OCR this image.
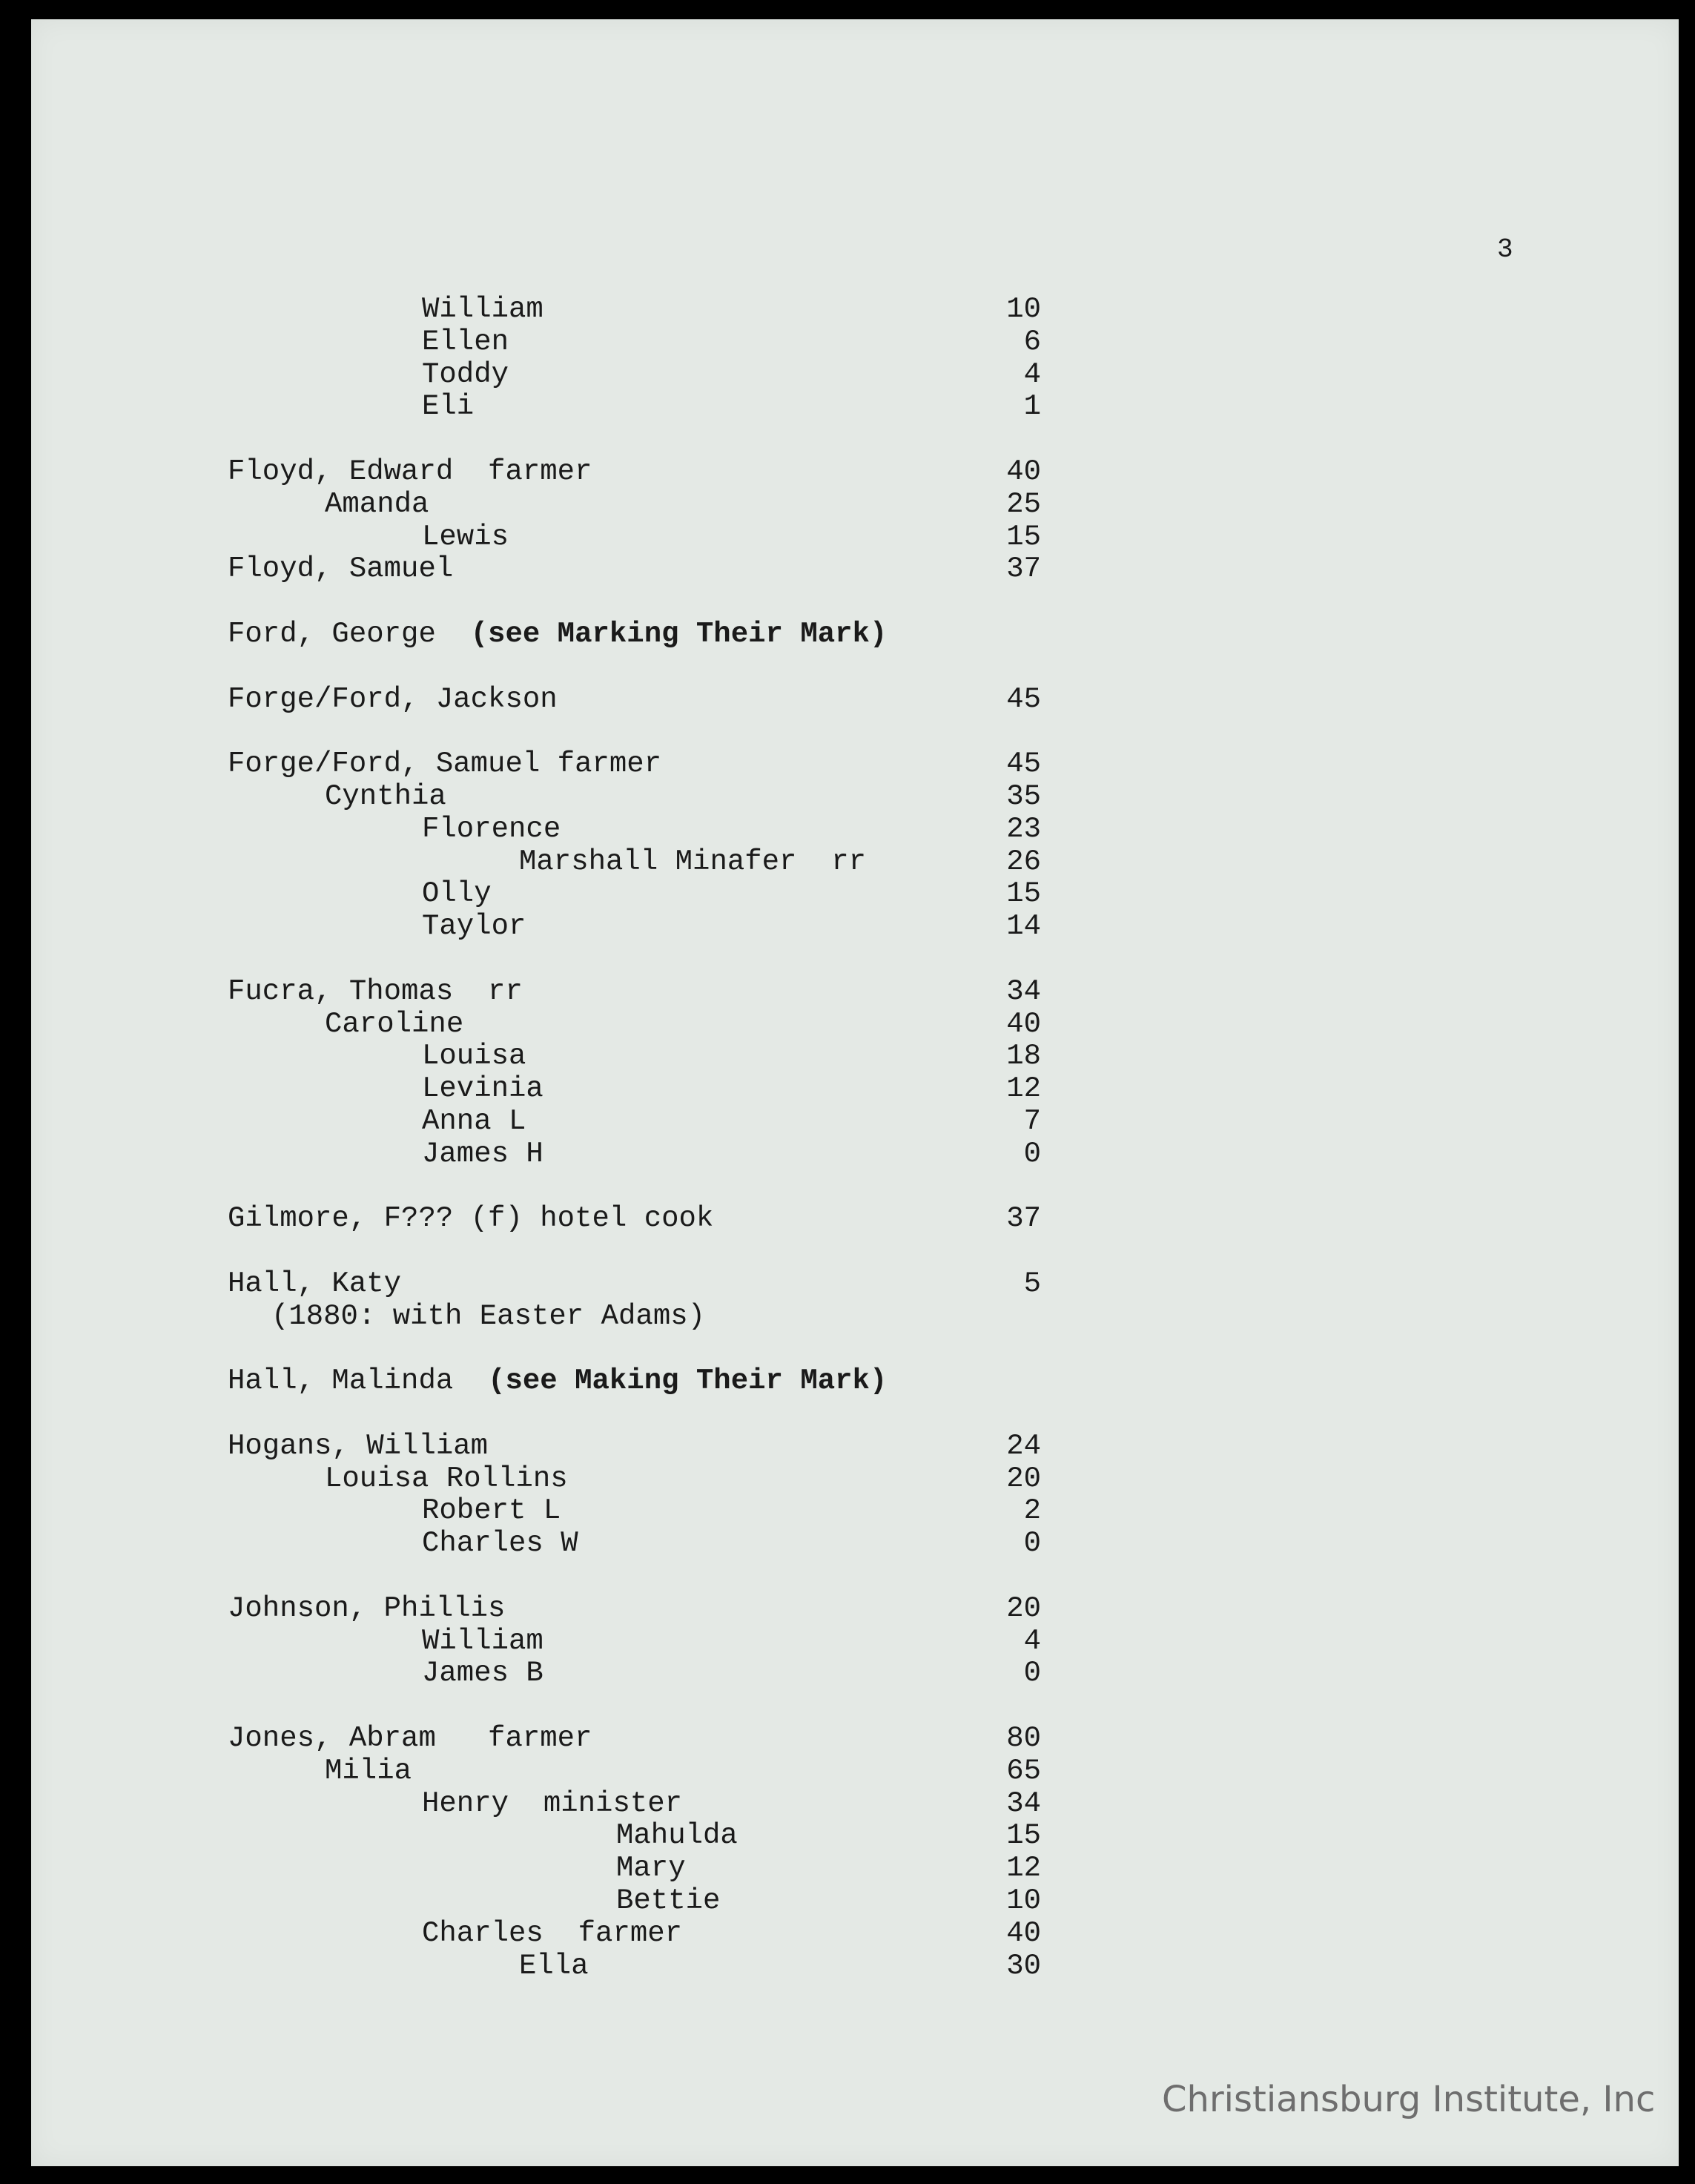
3
William	10
Ellen	6
Toddy	4
Eli	1
Floyd, Edward  farmer	40
Amanda	25
Lewis	15
Floyd, Samuel	37
Ford, George  (see Marking Their Mark)
Forge/Ford, Jackson	45
Forge/Ford, Samuel farmer	45
Cynthia	35
Florence	23
Marshall Minafer  rr	26
Olly	15
Taylor	14
Fucra, Thomas  rr	34
Caroline	40
Louisa	18
Levinia	12
Anna L	7
James H	0
Gilmore, F??? (f) hotel cook	37
Hall, Katy	5
(1880: with Easter Adams)
Hall, Malinda  (see Making Their Mark)
Hogans, William	24
Louisa Rollins	20
Robert L	2
Charles W	0
Johnson, Phillis	20
William	4
James B	0
Jones, Abram   farmer	80
Milia	65
Henry  minister	34
Mahulda	15
Mary	12
Bettie	10
Charles  farmer	40
Ella	30
Christiansburg Institute, Inc
